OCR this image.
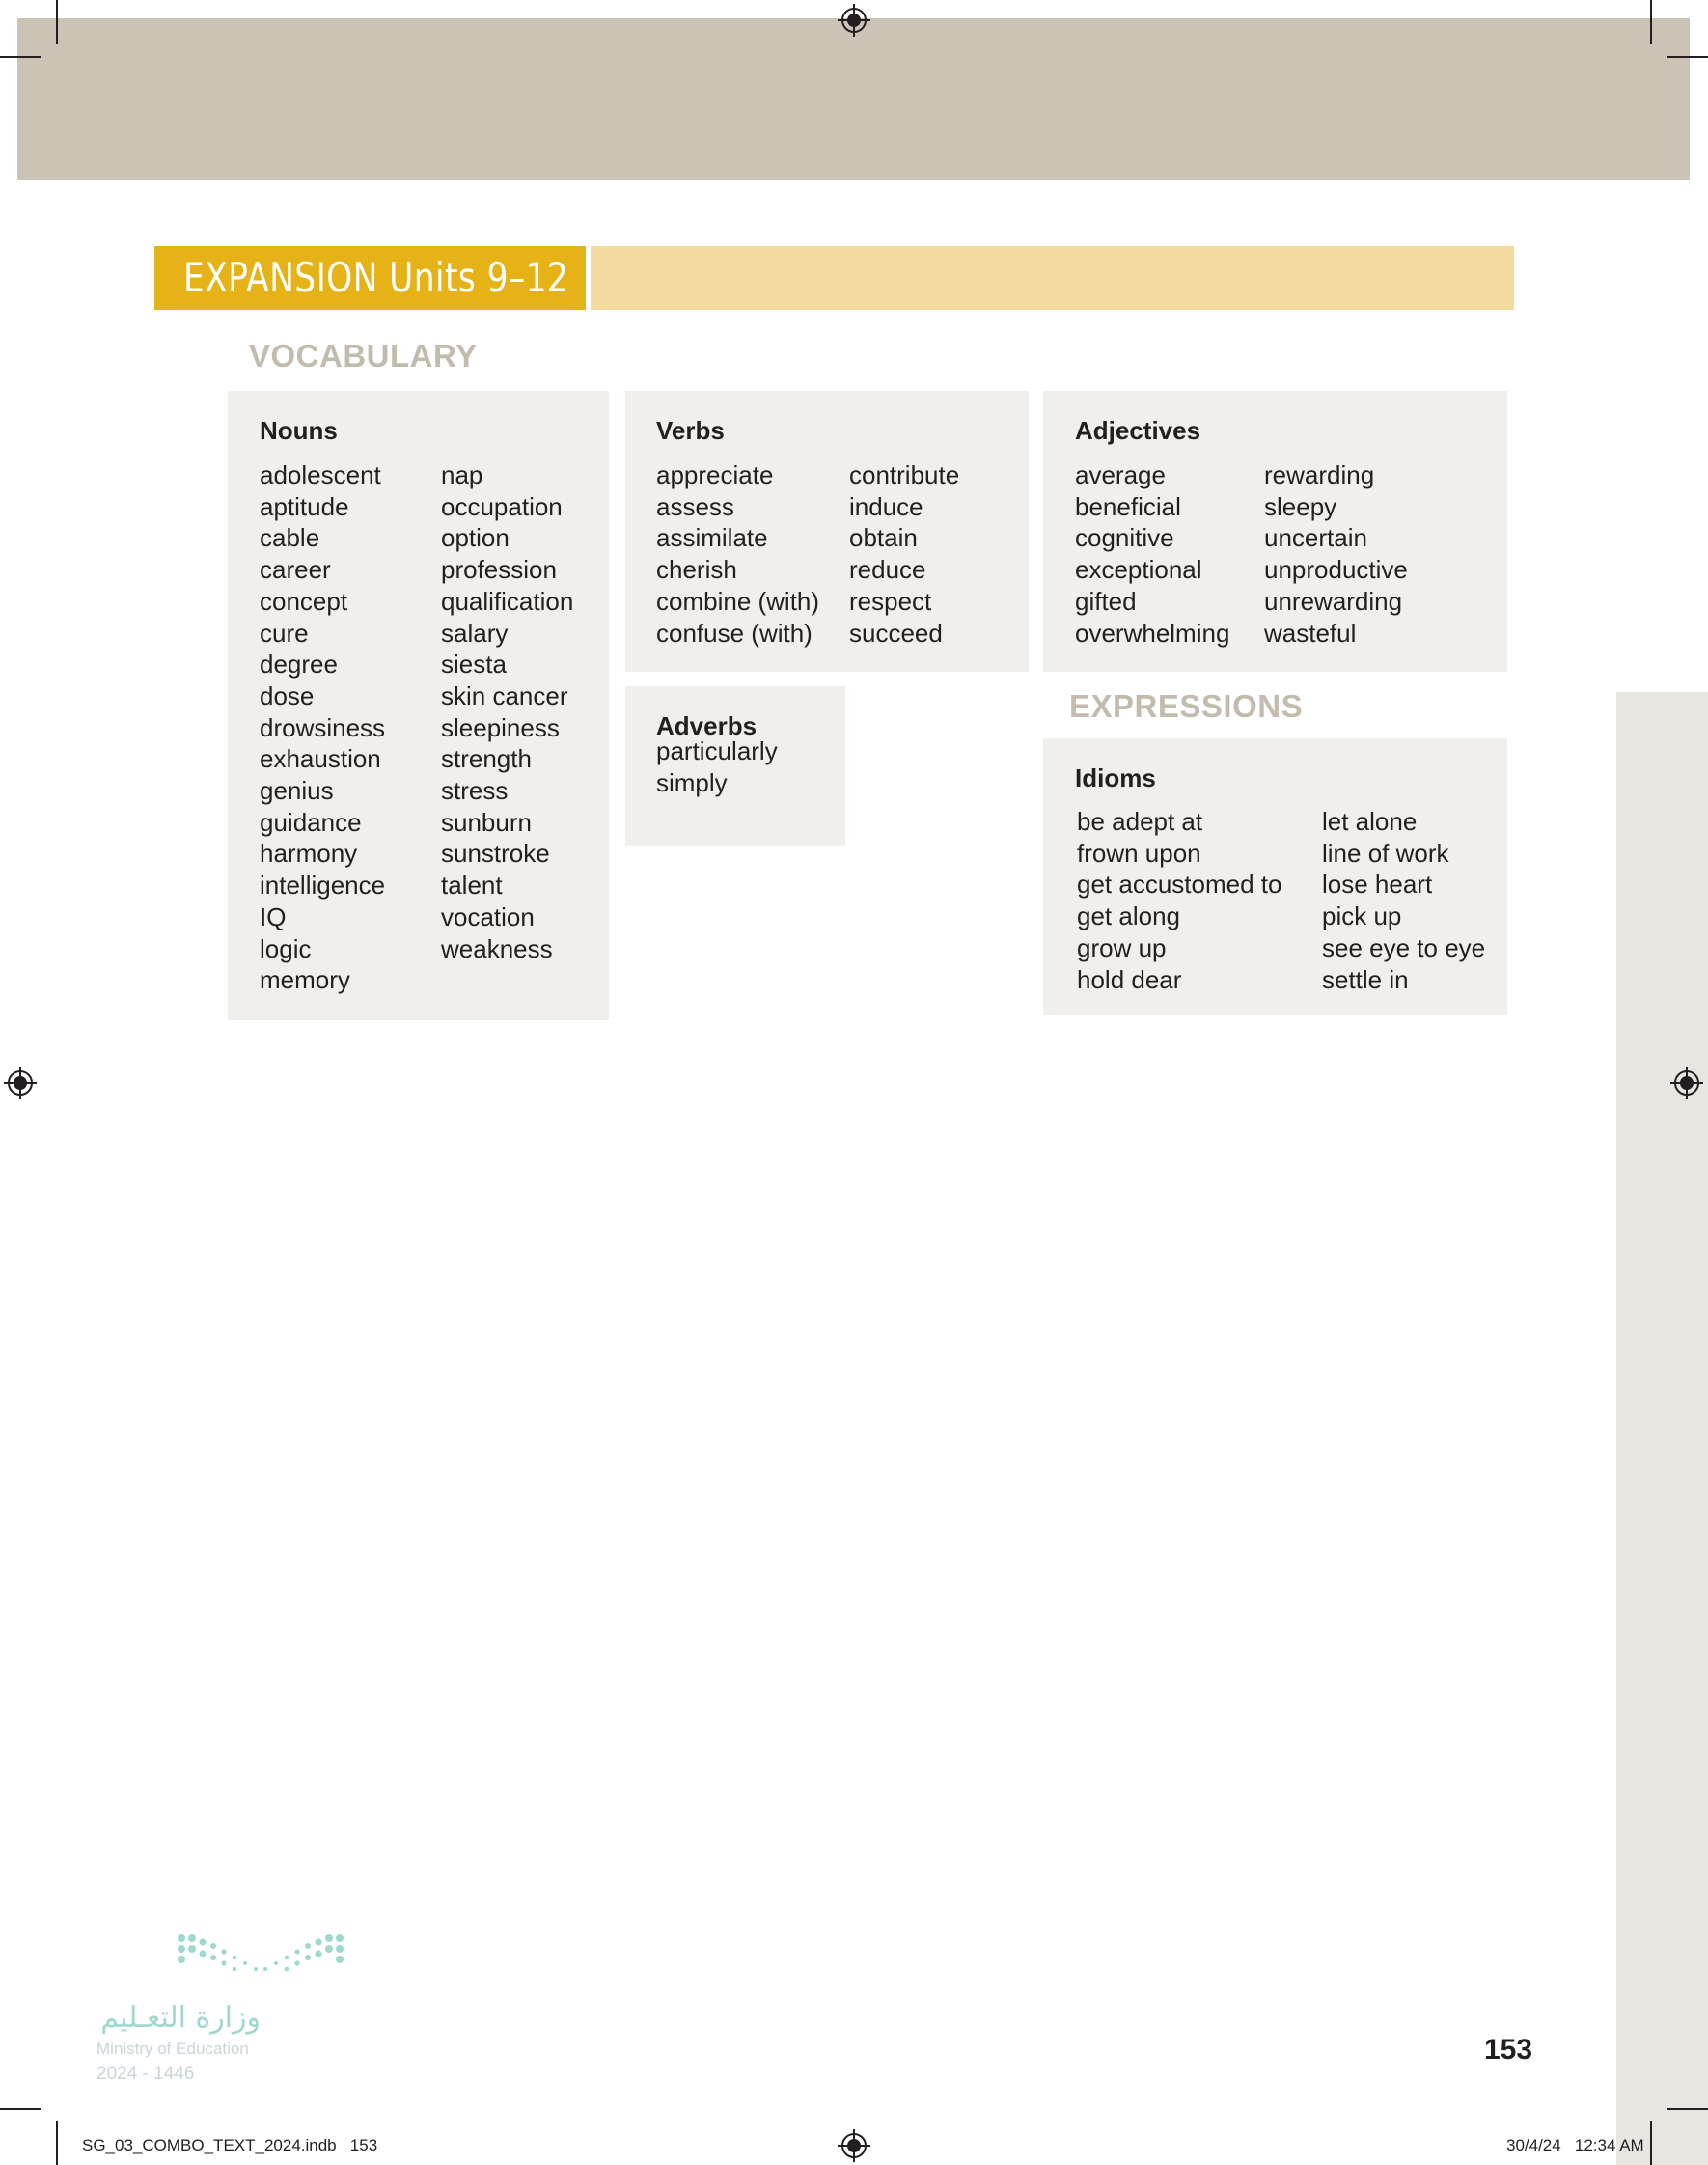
EXPANSION Units 9–12
VOCABULARY
Nouns
adolescent
aptitude
cable
career
concept
cure
degree
dose
drowsiness
exhaustion
genius
guidance
harmony
intelligence
IQ
logic
memory
nap
occupation
option
profession
qualification
salary
siesta
skin cancer
sleepiness
strength
stress
sunburn
sunstroke
talent
vocation
weakness
Verbs
appreciate
assess
assimilate
cherish
combine (with)
confuse (with)
contribute
induce
obtain
reduce
respect
succeed
Adverbs
particularly
simply
Adjectives
average
beneficial
cognitive
exceptional
gifted
overwhelming
rewarding
sleepy
uncertain
unproductive
unrewarding
wasteful
EXPRESSIONS
Idioms
be adept at
frown upon
get accustomed to
get along
grow up
hold dear
let alone
line of work
lose heart
pick up
see eye to eye
settle in
وزارة التعـليم
Ministry of Education
2024 - 1446
153
SG_03_COMBO_TEXT_2024.indb   153	30/4/24   12:34 AM
